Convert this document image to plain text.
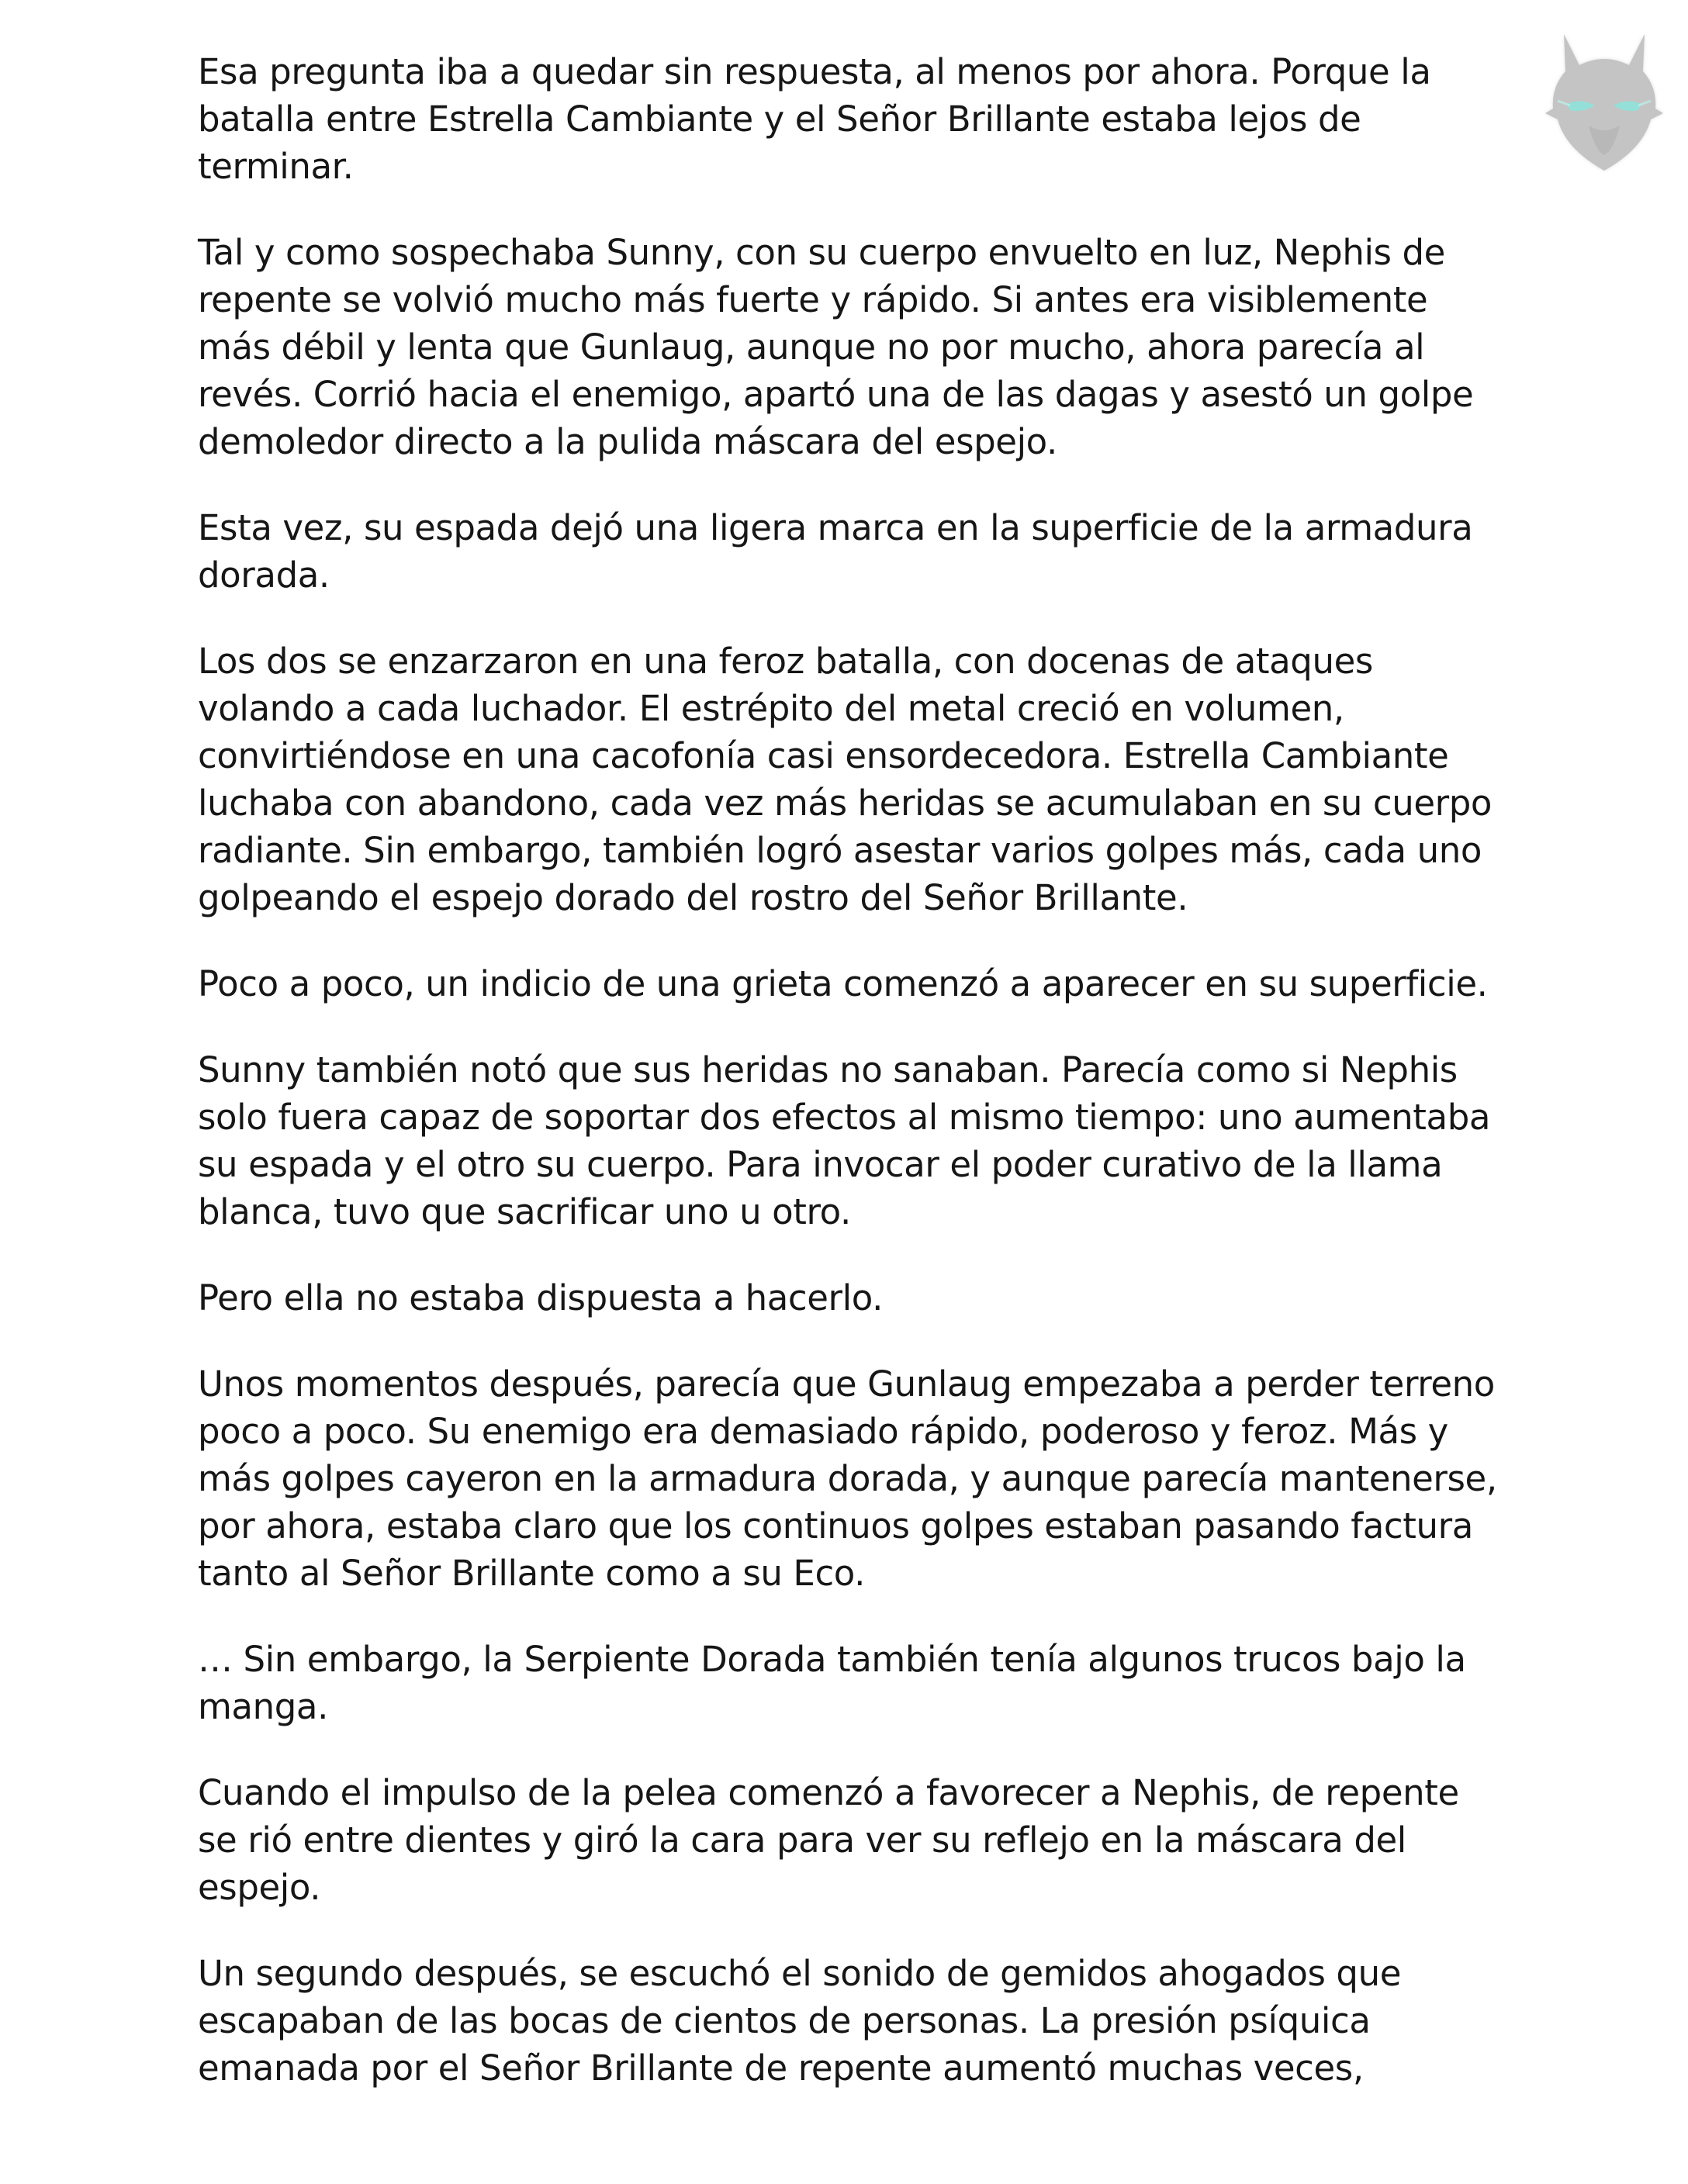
Esa pregunta iba a quedar sin respuesta, al menos por ahora. Porque la batalla entre Estrella Cambiante y el Señor Brillante estaba lejos de terminar.

Tal y como sospechaba Sunny, con su cuerpo envuelto en luz, Nephis de repente se volvió mucho más fuerte y rápido. Si antes era visiblemente más débil y lenta que Gunlaug, aunque no por mucho, ahora parecía al revés. Corrió hacia el enemigo, apartó una de las dagas y asestó un golpe demoledor directo a la pulida máscara del espejo.

Esta vez, su espada dejó una ligera marca en la superficie de la armadura dorada.

Los dos se enzarzaron en una feroz batalla, con docenas de ataques volando a cada luchador. El estrépito del metal creció en volumen, convirtiéndose en una cacofonía casi ensordecedora. Estrella Cambiante luchaba con abandono, cada vez más heridas se acumulaban en su cuerpo radiante. Sin embargo, también logró asestar varios golpes más, cada uno golpeando el espejo dorado del rostro del Señor Brillante.

Poco a poco, un indicio de una grieta comenzó a aparecer en su superficie.

Sunny también notó que sus heridas no sanaban. Parecía como si Nephis solo fuera capaz de soportar dos efectos al mismo tiempo: uno aumentaba su espada y el otro su cuerpo. Para invocar el poder curativo de la llama blanca, tuvo que sacrificar uno u otro.

Pero ella no estaba dispuesta a hacerlo.

Unos momentos después, parecía que Gunlaug empezaba a perder terreno poco a poco. Su enemigo era demasiado rápido, poderoso y feroz. Más y más golpes cayeron en la armadura dorada, y aunque parecía mantenerse, por ahora, estaba claro que los continuos golpes estaban pasando factura tanto al Señor Brillante como a su Eco.

… Sin embargo, la Serpiente Dorada también tenía algunos trucos bajo la manga.

Cuando el impulso de la pelea comenzó a favorecer a Nephis, de repente se rió entre dientes y giró la cara para ver su reflejo en la máscara del espejo.

Un segundo después, se escuchó el sonido de gemidos ahogados que escapaban de las bocas de cientos de personas. La presión psíquica emanada por el Señor Brillante de repente aumentó muchas veces,
